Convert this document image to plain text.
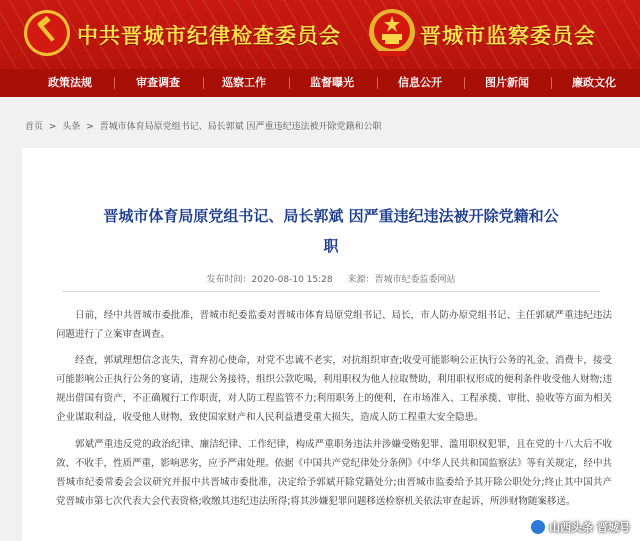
中共晋城市纪律检查委员会	晋城市监察委员会
政策法规	审查调查	巡察工作	监督曝光	信息公开	图片新闻	廉政文化
首页 > 头条 > 晋城市体育局原党组书记、局长郭斌 因严重违纪违法被开除党籍和公职
晋城市体育局原党组书记、局长郭斌 因严重违纪违法被开除党籍和公
职
发布时间：2020-08-10 15:28 来源：晋城市纪委监委网站

日前，经中共晋城市委批准，晋城市纪委监委对晋城市体育局原党组书记、局长，市人防办原党组书记、主任郭斌严重违纪违法问题进行了立案审查调查。

经查，郭斌理想信念丧失，背弃初心使命，对党不忠诚不老实，对抗组织审查;收受可能影响公正执行公务的礼金、消费卡，接受可能影响公正执行公务的宴请，违规公务接待，组织公款吃喝，利用职权为他人拉取赞助，利用职权形成的便利条件收受他人财物;违规出借国有资产，不正确履行工作职责，对人防工程监管不力;利用职务上的便利，在市场准入、工程承揽、审批、验收等方面为相关企业谋取利益，收受他人财物，致使国家财产和人民利益遭受重大损失，造成人防工程重大安全隐患。

郭斌严重违反党的政治纪律、廉洁纪律、工作纪律，构成严重职务违法并涉嫌受贿犯罪、滥用职权犯罪，且在党的十八大后不收敛、不收手，性质严重，影响恶劣，应予严肃处理。依据《中国共产党纪律处分条例》《中华人民共和国监察法》等有关规定，经中共晋城市纪委常委会会议研究并报中共晋城市委批准，决定给予郭斌开除党籍处分;由晋城市监委给予其开除公职处分;终止其中国共产党晋城市第七次代表大会代表资格;收缴其违纪违法所得;将其涉嫌犯罪问题移送检察机关依法审查起诉，所涉财物随案移送。

山西头条 晋城号
